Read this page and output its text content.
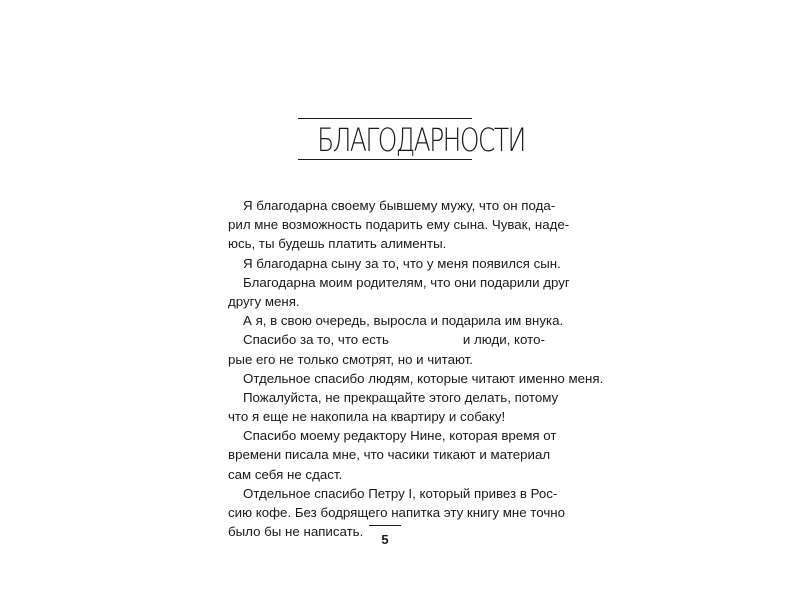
БЛАГОДАРНОСТИ
Я благодарна своему бывшему мужу, что он пода-
рил мне возможность подарить ему сына. Чувак, наде-
юсь, ты будешь платить алименты.
Я благодарна сыну за то, что у меня появился сын.
Благодарна моим родителям, что они подарили друг
другу меня.
А я, в свою очередь, выросла и подарила им внука.
Спасибо за то, что есть	и люди, кото-
рые его не только смотрят, но и читают.
Отдельное спасибо людям, которые читают именно меня.
Пожалуйста, не прекращайте этого делать, потому
что я еще не накопила на квартиру и собаку!
Спасибо моему редактору Нине, которая время от
времени писала мне, что часики тикают и материал
сам себя не сдаст.
Отдельное спасибо Петру I, который привез в Рос-
сию кофе. Без бодрящего напитка эту книгу мне точно
было бы не написать.
5
